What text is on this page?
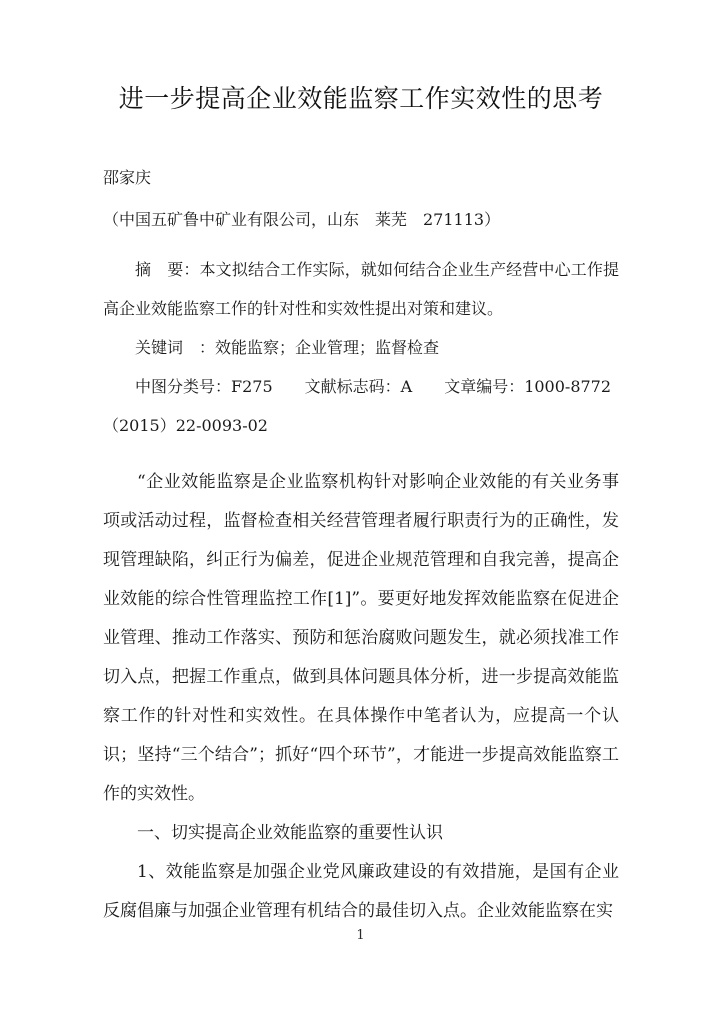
进一步提高企业效能监察工作实效性的思考

邵家庆

（中国五矿鲁中矿业有限公司，山东　莱芜　271113）

摘　要：本文拟结合工作实际，就如何结合企业生产经营中心工作提高企业效能监察工作的针对性和实效性提出对策和建议。

关键词　：效能监察；企业管理；监督检查

中图分类号：F275　　文献标志码：A　　文章编号：1000-8772

（2015）22-0093-02

“企业效能监察是企业监察机构针对影响企业效能的有关业务事项或活动过程，监督检查相关经营管理者履行职责行为的正确性，发现管理缺陷，纠正行为偏差，促进企业规范管理和自我完善，提高企业效能的综合性管理监控工作[1]”。要更好地发挥效能监察在促进企业管理、推动工作落实、预防和惩治腐败问题发生，就必须找准工作切入点，把握工作重点，做到具体问题具体分析，进一步提高效能监察工作的针对性和实效性。在具体操作中笔者认为，应提高一个认识；坚持“三个结合”；抓好“四个环节”，才能进一步提高效能监察工作的实效性。

一、切实提高企业效能监察的重要性认识

1、效能监察是加强企业党风廉政建设的有效措施，是国有企业反腐倡廉与加强企业管理有机结合的最佳切入点。企业效能监察在实

1
